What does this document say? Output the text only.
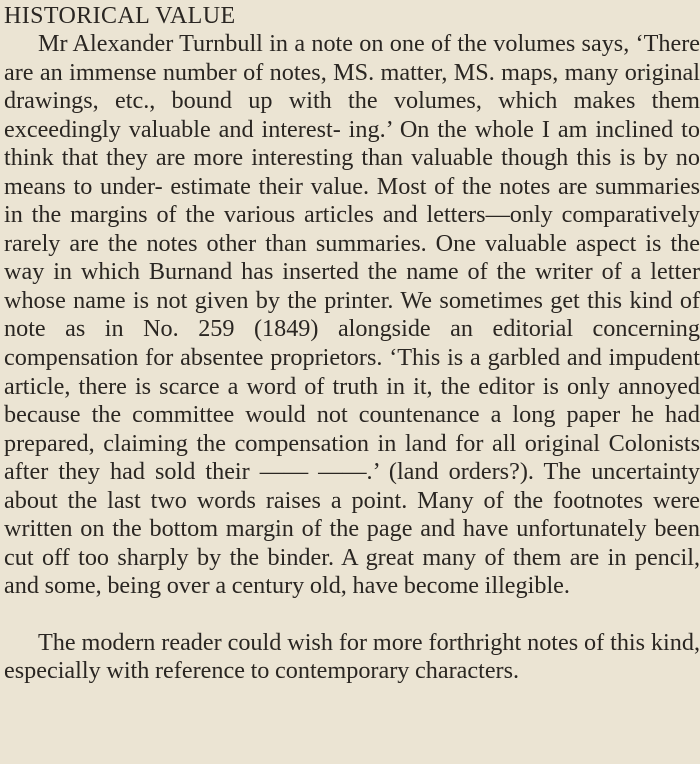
HISTORICAL VALUE

Mr Alexander Turnbull in a note on one of the volumes says, ‘There are an immense number of notes, MS. matter, MS. maps, many original drawings, etc., bound up with the volumes, which makes them exceedingly valuable and interest- ing.’ On the whole I am inclined to think that they are more interesting than valuable though this is by no means to under- estimate their value. Most of the notes are summaries in the margins of the various articles and letters—only comparatively rarely are the notes other than summaries. One valuable aspect is the way in which Burnand has inserted the name of the writer of a letter whose name is not given by the printer. We sometimes get this kind of note as in No. 259 (1849) alongside an editorial concerning compensation for absentee proprietors. ‘This is a garbled and impudent article, there is scarce a word of truth in it, the editor is only annoyed because the committee would not countenance a long paper he had prepared, claiming the compensation in land for all original Colonists after they had sold their —— ——.’ (land orders?). The uncertainty about the last two words raises a point. Many of the footnotes were written on the bottom margin of the page and have unfortunately been cut off too sharply by the binder. A great many of them are in pencil, and some, being over a century old, have become illegible.

The modern reader could wish for more forthright notes of this kind, especially with reference to contemporary characters.
